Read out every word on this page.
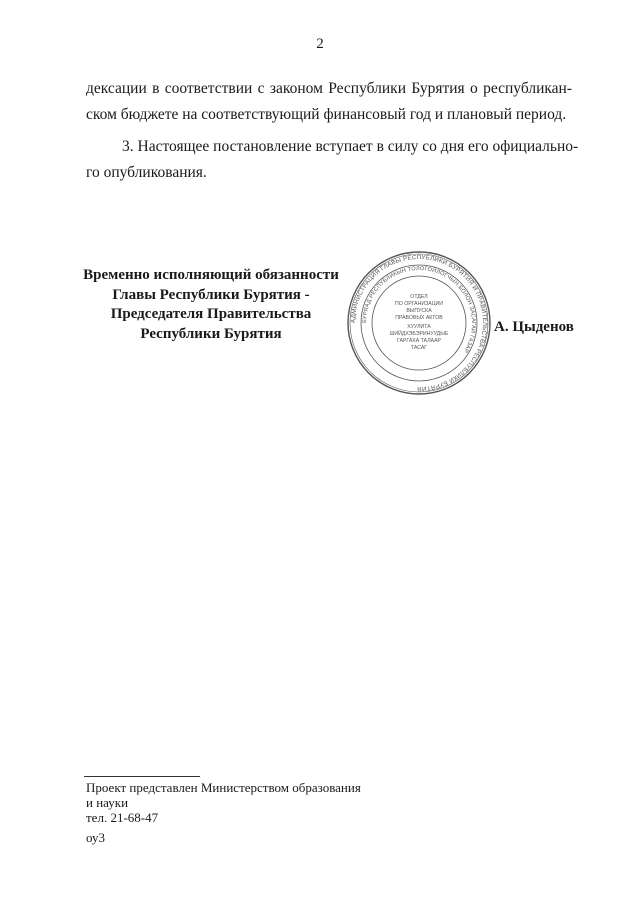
2

дексации в соответствии с законом Республики Бурятия о республикан-
ском бюджете на соответствующий финансовый год и плановый период.

3. Настоящее постановление вступает в силу со дня его официально-
го опубликования.

Временно исполняющий обязанности
Главы Республики Бурятия -
Председателя Правительства
Республики Бурятия
АДМИНИСТРАЦИЯ ГЛАВЫ РЕСПУБЛИКИ БУРЯТИЯ И ПРАВИТЕЛЬСТВА РЕСПУБЛИКИ БУРЯТИЯ
БУРЯАД РЕСПУБЛИКЫН ТОЛОГОЙЛОГЧЫН БОЛОН ЗАСАГАЙ ГАЗАР
ОТДЕЛ
ПО ОРГАНИЗАЦИИ
ВЫПУСКА
ПРАВОВЫХ АКТОВ
ХУУЛИТА
ШИЙДХЭБЭРИНУУДЫЕ
ГАРГАХА ТАЛААР
ТАСАГ
А. Цыденов
Проект представлен Министерством образования
и науки
тел. 21-68-47
оу3
